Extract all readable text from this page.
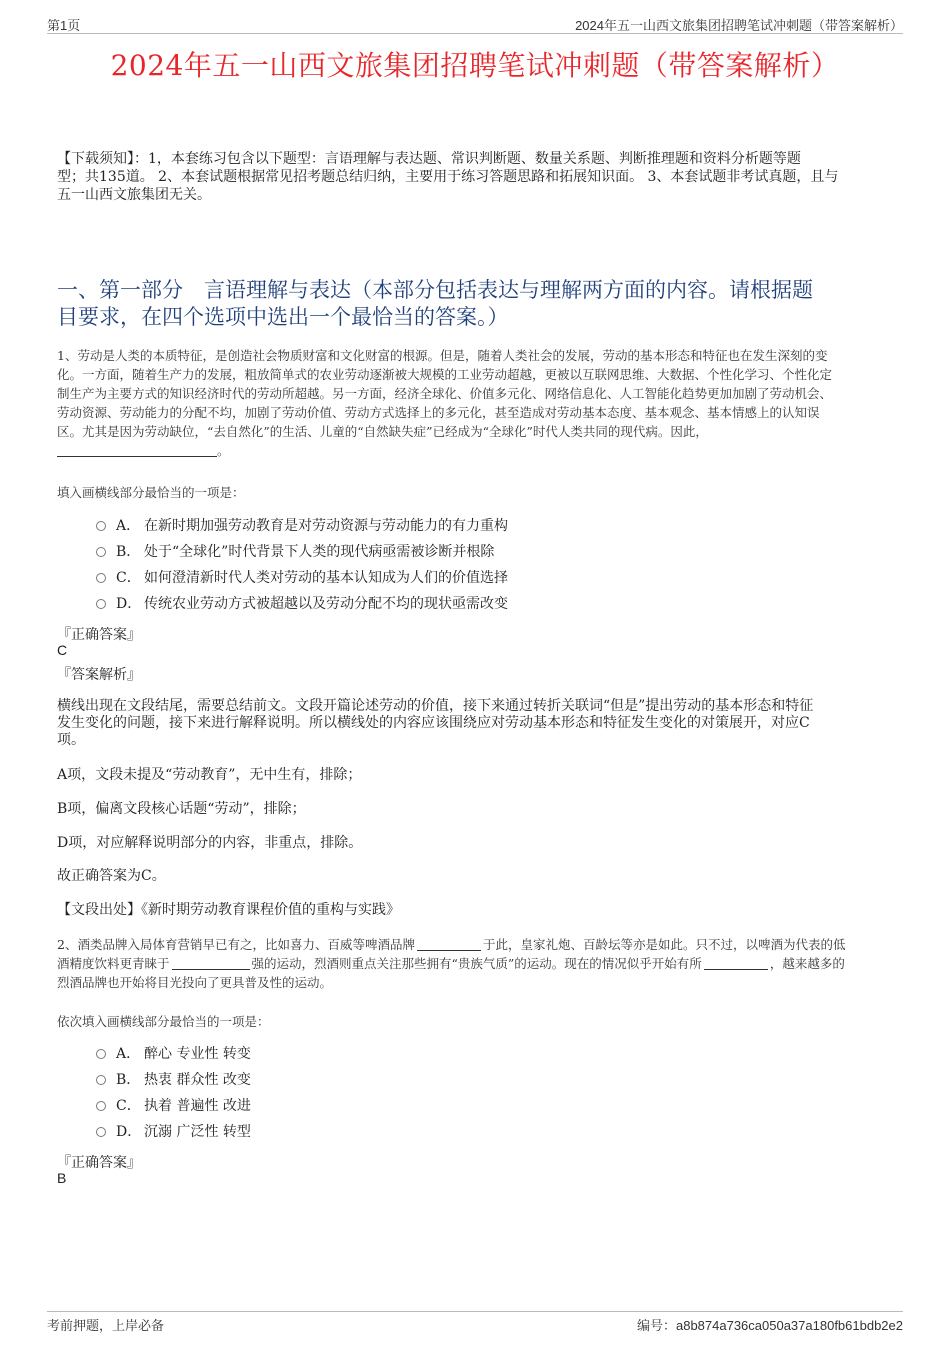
第1页	2024年五一山西文旅集团招聘笔试冲刺题（带答案解析）
2024年五一山西文旅集团招聘笔试冲刺题（带答案解析）
【下载须知】：1，本套练习包含以下题型：言语理解与表达题、常识判断题、数量关系题、判断推理题和资料分析题等题
型；共135道。 2、本套试题根据常见招考题总结归纳，主要用于练习答题思路和拓展知识面。 3、本套试题非考试真题，且与
五一山西文旅集团无关。
一、第一部分　言语理解与表达（本部分包括表达与理解两方面的内容。请根据题
目要求，在四个选项中选出一个最恰当的答案。）
1、劳动是人类的本质特征，是创造社会物质财富和文化财富的根源。但是，随着人类社会的发展，劳动的基本形态和特征也在发生深刻的变
化。一方面，随着生产力的发展，粗放简单式的农业劳动逐渐被大规模的工业劳动超越，更被以互联网思维、大数据、个性化学习、个性化定
制生产为主要方式的知识经济时代的劳动所超越。另一方面，经济全球化、价值多元化、网络信息化、人工智能化趋势更加加剧了劳动机会、
劳动资源、劳动能力的分配不均，加剧了劳动价值、劳动方式选择上的多元化，甚至造成对劳动基本态度、基本观念、基本情感上的认知误
区。尤其是因为劳动缺位，“去自然化”的生活、儿童的“自然缺失症”已经成为“全球化”时代人类共同的现代病。因此，
。
填入画横线部分最恰当的一项是：
A． 在新时期加强劳动教育是对劳动资源与劳动能力的有力重构
B． 处于“全球化”时代背景下人类的现代病亟需被诊断并根除
C． 如何澄清新时代人类对劳动的基本认知成为人们的价值选择
D． 传统农业劳动方式被超越以及劳动分配不均的现状亟需改变
『正确答案』
C
『答案解析』
横线出现在文段结尾，需要总结前文。文段开篇论述劳动的价值，接下来通过转折关联词“但是”提出劳动的基本形态和特征
发生变化的问题，接下来进行解释说明。所以横线处的内容应该围绕应对劳动基本形态和特征发生变化的对策展开，对应C
项。
A项，文段未提及“劳动教育”，无中生有，排除；
B项，偏离文段核心话题“劳动”，排除；
D项，对应解释说明部分的内容，非重点，排除。
故正确答案为C。
【文段出处】《新时期劳动教育课程价值的重构与实践》
2、酒类品牌入局体育营销早已有之，比如喜力、百威等啤酒品牌	于此，皇家礼炮、百龄坛等亦是如此。只不过，以啤酒为代表的低
酒精度饮料更青睐于	强的运动，烈酒则重点关注那些拥有“贵族气质”的运动。现在的情况似乎开始有所	，越来越多的
烈酒品牌也开始将目光投向了更具普及性的运动。
依次填入画横线部分最恰当的一项是：
A． 醉心 专业性 转变
B． 热衷 群众性 改变
C． 执着 普遍性 改进
D． 沉溺 广泛性 转型
『正确答案』
B
考前押题，上岸必备	编号：a8b874a736ca050a37a180fb61bdb2e2
